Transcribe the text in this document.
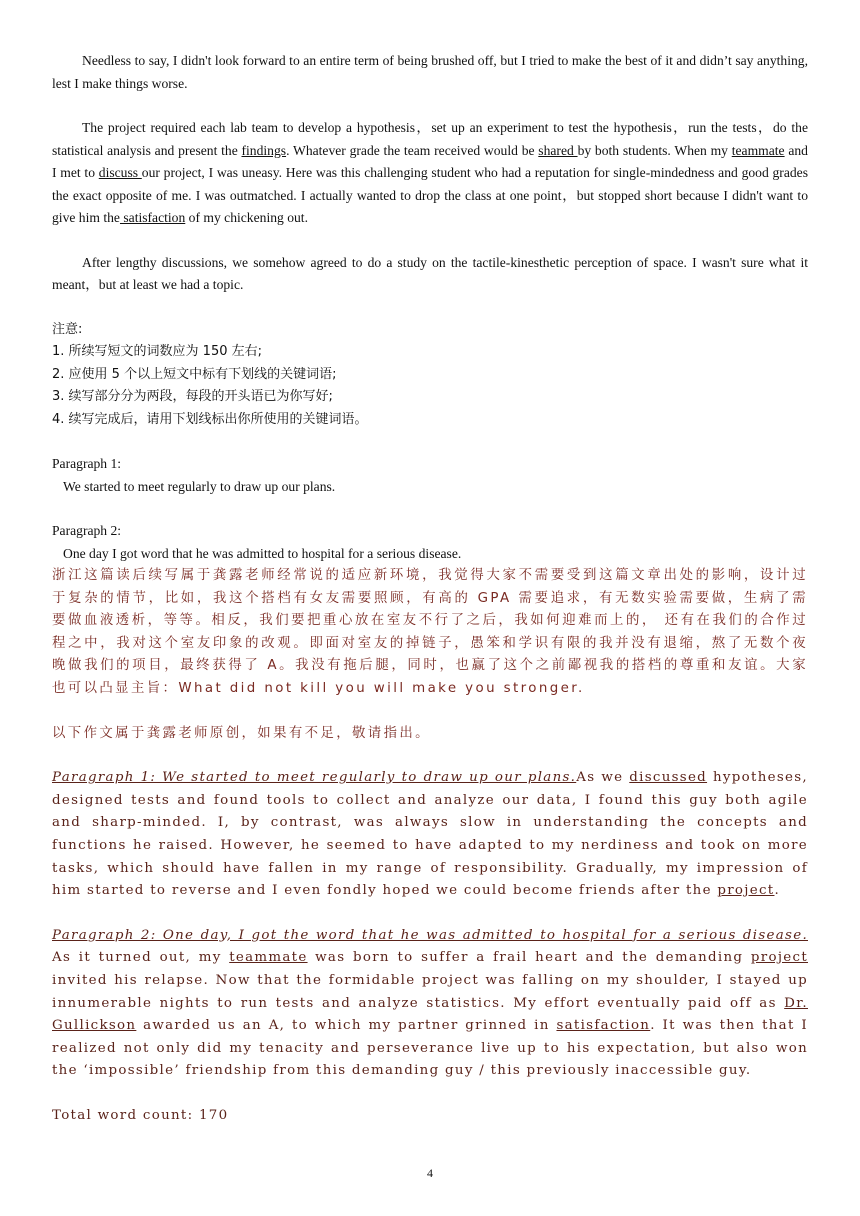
Needless to say, I didn't look forward to an entire term of being brushed off, but I tried to make the best of it and didn’t say anything, lest I make things worse.

The project required each lab team to develop a hypothesis，set up an experiment to test the hypothesis，run the tests，do the statistical analysis and present the findings. Whatever grade the team received would be shared by both students. When my teammate and I met to discuss our project, I was uneasy. Here was this challenging student who had a reputation for single-mindedness and good grades the exact opposite of me. I was outmatched. I actually wanted to drop the class at one point，but stopped short because I didn't want to give him the satisfaction of my chickening out.

After lengthy discussions, we somehow agreed to do a study on the tactile-kinesthetic perception of space. I wasn't sure what it meant，but at least we had a topic.

注意:

1. 所续写短文的词数应为 150 左右;

2. 应使用 5 个以上短文中标有下划线的关键词语;

3. 续写部分分为两段，每段的开头语已为你写好;

4. 续写完成后，请用下划线标出你所使用的关键词语。

Paragraph 1:

We started to meet regularly to draw up our plans.

Paragraph 2:

One day I got word that he was admitted to hospital for a serious disease.

浙江这篇读后续写属于龚露老师经常说的适应新环境，我觉得大家不需要受到这篇文章出处的影响，设计过于复杂的情节，比如，我这个搭档有女友需要照顾，有高的 GPA 需要追求，有无数实验需要做，生病了需要做血液透析，等等。相反，我们要把重心放在室友不行了之后，我如何迎难而上的， 还有在我们的合作过程之中，我对这个室友印象的改观。即面对室友的掉链子，愚笨和学识有限的我并没有退缩，熬了无数个夜晚做我们的项目，最终获得了 A。我没有拖后腿，同时，也赢了这个之前鄙视我的搭档的尊重和友谊。大家也可以凸显主旨：What did not kill you will make you stronger.

以下作文属于龚露老师原创，如果有不足，敬请指出。

Paragraph 1: We started to meet regularly to draw up our plans.As we discussed hypotheses, designed tests and found tools to collect and analyze our data, I found this guy both agile and sharp-minded. I, by contrast, was always slow in understanding the concepts and functions he raised. However, he seemed to have adapted to my nerdiness and took on more tasks, which should have fallen in my range of responsibility. Gradually, my impression of him started to reverse and I even fondly hoped we could become friends after the project.

Paragraph 2: One day, I got the word that he was admitted to hospital for a serious disease. As it turned out, my teammate was born to suffer a frail heart and the demanding project invited his relapse. Now that the formidable project was falling on my shoulder, I stayed up innumerable nights to run tests and analyze statistics. My effort eventually paid off as Dr. Gullickson awarded us an A, to which my partner grinned in satisfaction. It was then that I realized not only did my tenacity and perseverance live up to his expectation, but also won the ‘impossible’ friendship from this demanding guy / this previously inaccessible guy.

Total word count: 170

4
